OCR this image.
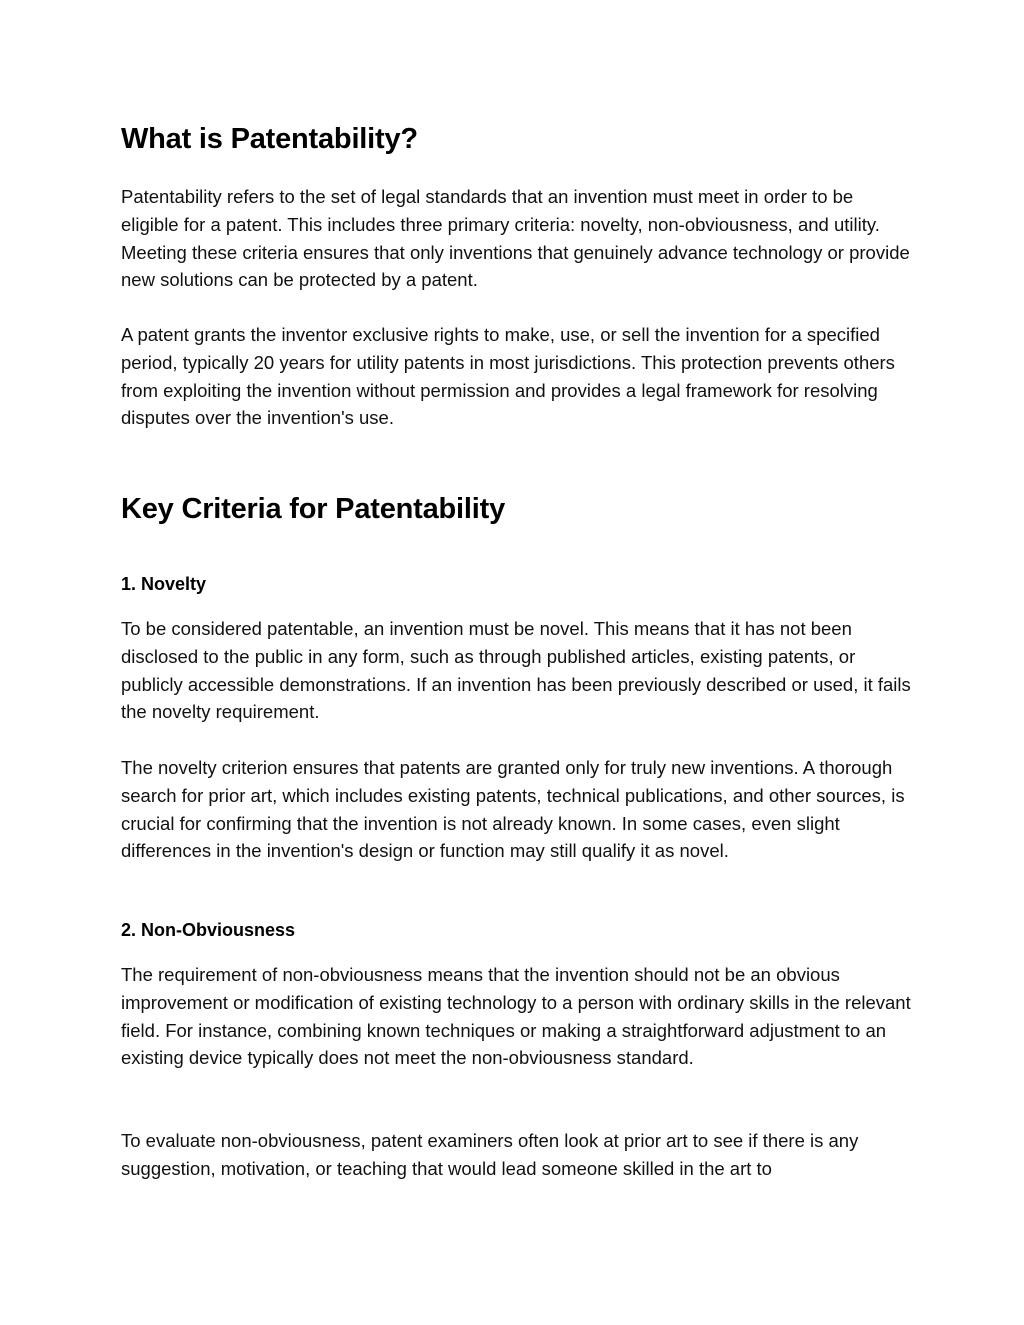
What is Patentability?

Patentability refers to the set of legal standards that an invention must meet in order to be eligible for a patent. This includes three primary criteria: novelty, non-obviousness, and utility. Meeting these criteria ensures that only inventions that genuinely advance technology or provide new solutions can be protected by a patent.

A patent grants the inventor exclusive rights to make, use, or sell the invention for a specified period, typically 20 years for utility patents in most jurisdictions. This protection prevents others from exploiting the invention without permission and provides a legal framework for resolving disputes over the invention's use.

Key Criteria for Patentability
1. Novelty

To be considered patentable, an invention must be novel. This means that it has not been disclosed to the public in any form, such as through published articles, existing patents, or publicly accessible demonstrations. If an invention has been previously described or used, it fails the novelty requirement.

The novelty criterion ensures that patents are granted only for truly new inventions. A thorough search for prior art, which includes existing patents, technical publications, and other sources, is crucial for confirming that the invention is not already known. In some cases, even slight differences in the invention's design or function may still qualify it as novel.

2. Non-Obviousness

The requirement of non-obviousness means that the invention should not be an obvious improvement or modification of existing technology to a person with ordinary skills in the relevant field. For instance, combining known techniques or making a straightforward adjustment to an existing device typically does not meet the non-obviousness standard.

To evaluate non-obviousness, patent examiners often look at prior art to see if there is any suggestion, motivation, or teaching that would lead someone skilled in the art to
